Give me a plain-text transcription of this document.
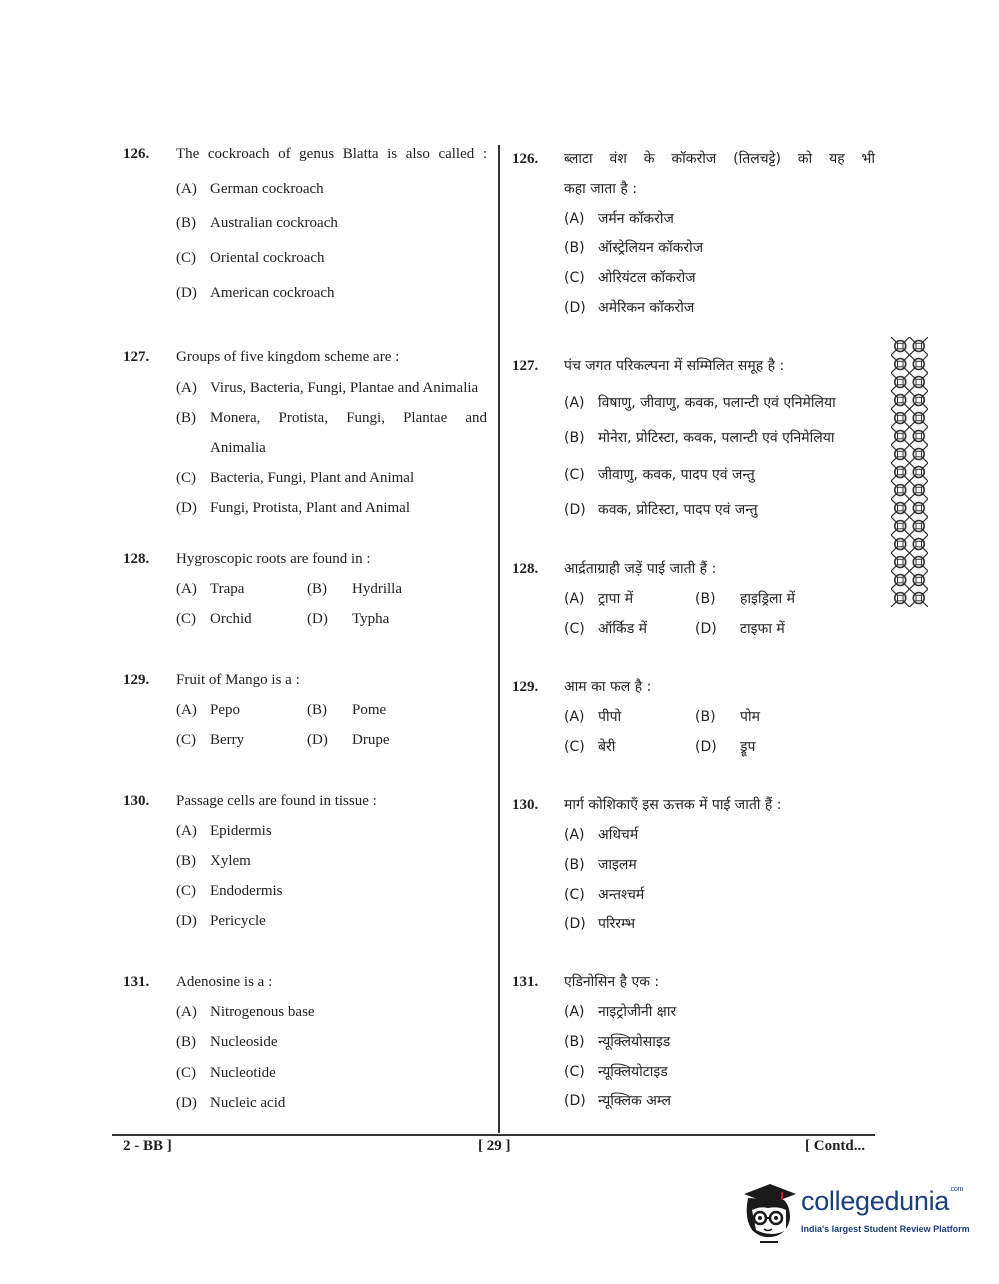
126. The cockroach of genus Blatta is also called :
(A) German cockroach
(B) Australian cockroach
(C) Oriental cockroach
(D) American cockroach
127. Groups of five kingdom scheme are :
(A) Virus, Bacteria, Fungi, Plantae and Animalia
(B) Monera, Protista, Fungi, Plantae and
Animalia
(C) Bacteria, Fungi, Plant and Animal
(D) Fungi, Protista, Plant and Animal
128. Hygroscopic roots are found in :
(A) Trapa	(B) Hydrilla
(C) Orchid	(D) Typha
129. Fruit of Mango is a :
(A) Pepo	(B) Pome
(C) Berry	(D) Drupe
130. Passage cells are found in tissue :
(A) Epidermis
(B) Xylem
(C) Endodermis
(D) Pericycle
131. Adenosine is a :
(A) Nitrogenous base
(B) Nucleoside
(C) Nucleotide
(D) Nucleic acid
126. ब्लाटा वंश के कॉकरोज (तिलचट्टे) को यह भी
कहा जाता है :
(A) जर्मन कॉकरोज
(B) ऑस्ट्रेलियन कॉकरोज
(C) ओरियंटल कॉकरोज
(D) अमेरिकन कॉकरोज
127. पंच जगत परिकल्पना में सम्मिलित समूह है :
(A) विषाणु, जीवाणु, कवक, पलान्टी एवं एनिमेलिया
(B) मोनेरा, प्रोटिस्टा, कवक, पलान्टी एवं एनिमेलिया
(C) जीवाणु, कवक, पादप एवं जन्तु
(D) कवक, प्रोटिस्टा, पादप एवं जन्तु
128. आर्द्रताग्राही जड़ें पाई जाती हैं :
(A) ट्रापा में	(B) हाइड्रिला में
(C) ऑर्किड में	(D) टाइफा में
129. आम का फल है :
(A) पीपो	(B) पोम
(C) बेरी	(D) ड्रूप
130. मार्ग कोशिकाएँ इस ऊत्तक में पाई जाती हैं :
(A) अधिचर्म
(B) जाइलम
(C) अन्तश्चर्म
(D) परिरम्भ
131. एडिनोसिन है एक :
(A) नाइट्रोजीनी क्षार
(B) न्यूक्लियोसाइड
(C) न्यूक्लियोटाइड
(D) न्यूक्लिक अम्ल
2 - BB ]	[ 29 ]	[ Contd...
collegedunia$^{.com}$
India's largest Student Review Platform
